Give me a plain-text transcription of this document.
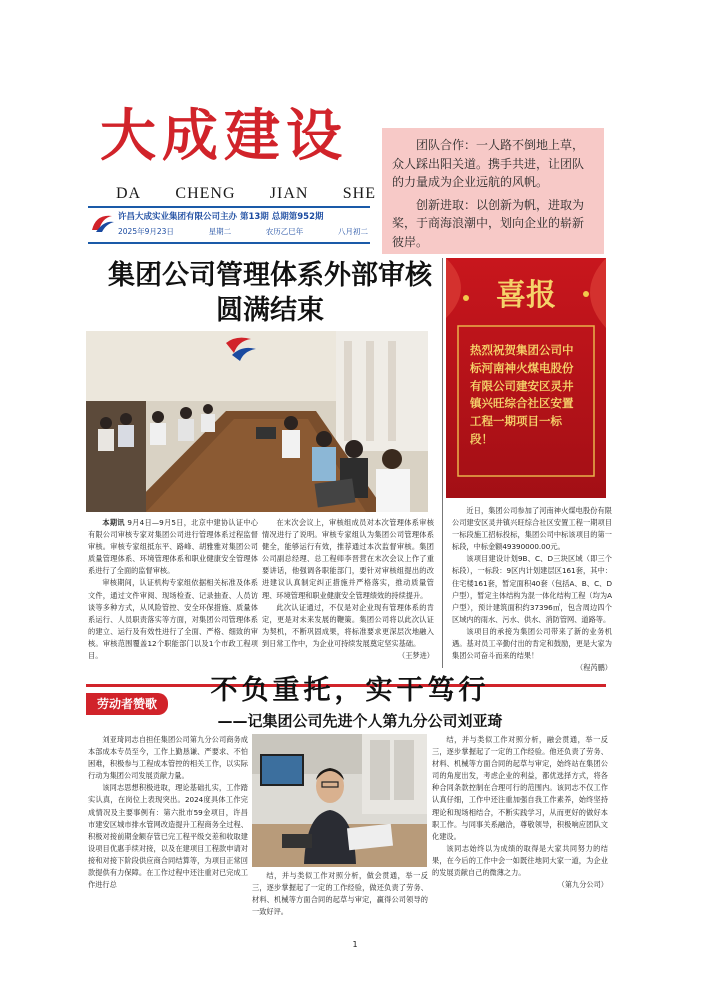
大成建设
DA CHENG JIAN SHE
许昌大成实业集团有限公司主办 第13期 总期第952期
2025年9月23日	星期二	农历乙巳年	八月初二

团队合作：一人路不倒地上草，众人踩出阳关道。携手共进，让团队的力量成为企业远航的风帆。

创新进取：以创新为帆，进取为桨，于商海浪潮中，划向企业的崭新彼岸。

集团公司管理体系外部审核
圆满结束

本期讯 9月4日—9月5日，北京中建协认证中心有限公司审核专家对集团公司进行管理体系过程监督审核。审核专家组抵东平、路峰、胡雅雅对集团公司质量管理体系、环境管理体系和职业健康安全管理体系进行了全面的监督审核。

审核期间，认证机构专家组依据相关标准及体系文件，通过文件审阅、现场检查、记录抽查、人员访谈等多种方式，从风险管控、安全环保措施、质量体系运行、人员职责落实等方面，对集团公司管理体系的建立、运行及有效性进行了全面、严格、细致的审核。审核范围覆盖12个职能部门以及1个市政工程项目。

在末次会议上，审核组成员对本次管理体系审核情况进行了说明。审核专家组认为集团公司管理体系健全，能够运行有效，推荐通过本次监督审核。集团公司副总经理、总工程师李晋营在末次会议上作了重要讲话，他强调各职能部门，要针对审核组提出的改进建议认真制定纠正措施并严格落实，推动质量管理、环境管理和职业健康安全管理绩效的持续提升。

此次认证通过，不仅是对企业现有管理体系的肯定，更是对未来发展的鞭策。集团公司将以此次认证为契机，不断巩固成果，将标准要求更深层次地融入到日常工作中，为企业可持续发展奠定坚实基础。

（王梦进）
喜报
热烈祝贺集团公司中标河南神火煤电股份有限公司建安区灵井镇兴旺综合社区安置工程一期项目一标段！

近日，集团公司参加了河南神火煤电股份有限公司建安区灵井镇兴旺综合社区安置工程一期项目一标段施工招标投标，集团公司中标该项目的第一标段，中标金额49390000.00元。

该项目建设计划9B、C、D三块区域（即三个标段），一标段：9区内计划建层区161套，其中：住宅楼161套，暂定面积40套（包括A、B、C、D户型），暂定主体结构为混一体化结构工程（均为A户型），预计建筑面积约37396㎡，包含周边四个区域内的雨水、污水、供水、消防管网、道路等。

该项目的承接为集团公司带来了新的业务机遇。基对员工辛勤付出的肯定和鼓励，更是大家为集团公司奋斗而来的结果！

（程芮鹏）
劳动者赞歌	不负重托，实干笃行
——记集团公司先进个人第九分公司刘亚琦

刘亚琦同志自担任集团公司第九分公司商务成本部成本专员至今，工作上勤恳谦、严要求、不怕困难，积极参与工程成本管控的相关工作，以实际行动为集团公司发展贡献力量。

该同志思想积极进取，理论基础扎实，工作踏实认真，在岗位上表现突出。2024度具体工作完成情况及主要事例有：第六批市59金项目，许昌市建安区城市排水管网改造提升工程商务全过程、积极对接前期金额存管已完工程平级交差和收取建设项目优惠手续对接，以及在建项目工程款申请对接和对接下阶段供应商合同结算等，为项目正常回款提供有力保障。在工作过程中还注重对已完成工作进行总

结，并与类似工作对照分析，做会贯通，举一反三，逐步掌握起了一定的工作经验，做还负责了劳务、材料、机械等方面合同的起草与审定，赢得公司领导的一致好评。

结，并与类似工作对照分析，融会贯通，举一反三，逐步掌握起了一定的工作经验。他还负责了劳务、材料、机械等方面合同的起草与审定，始终站在集团公司的角度出发，考虑企业的利益，都优选择方式，将各种合同条款控制在合理可行的范围内。该同志不仅工作认真仔细，工作中还注重加强自我工作素养，始终坚持理论和现场相结合，不断实践学习，从而更好的做好本职工作。与同事关系融洽，尊敬领导，积极响应团队文化建设。

该同志始终以为成绩的取得是大家共同努力的结果，在今后的工作中会一如既往地同大家一道，为企业的发展贡献自己的微薄之力。

（第九分公司）
1
